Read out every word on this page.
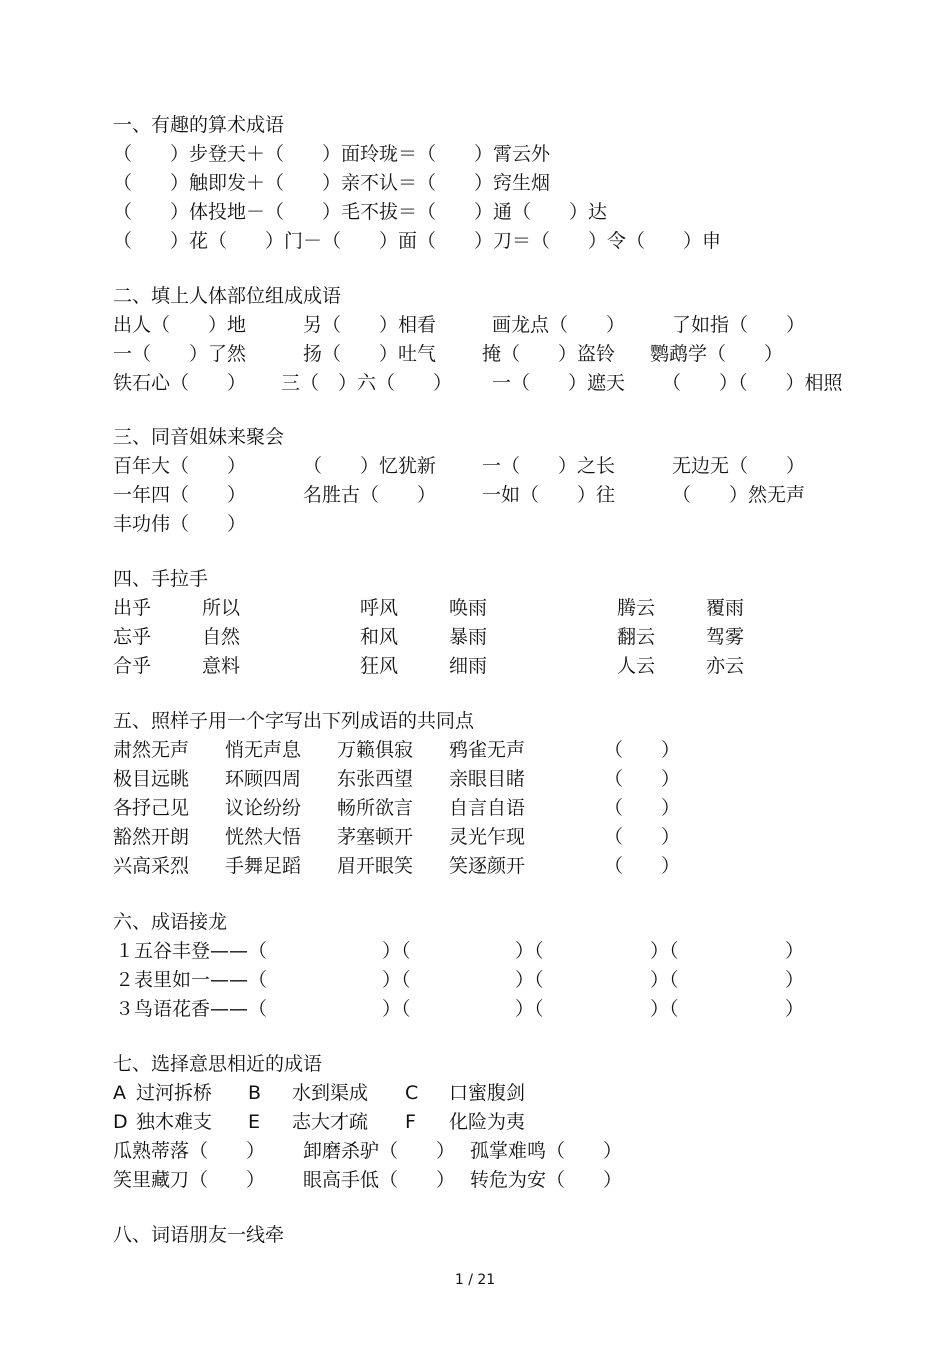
一、有趣的算术成语
（　　）步登天＋（　　）面玲珑＝（　　）霄云外
（　　）触即发＋（　　）亲不认＝（　　）窍生烟
（　　）体投地－（　　）毛不拔＝（　　）通（　　）达
（　　）花（　　）门－（　　）面（　　）刀＝（　　）令（　　）申
二、填上人体部位组成成语
出人（　　）地	另（　　）相看	画龙点（　　） 了如指（　　）
一（　　）了然	扬（　　）吐气 掩（　　）盗铃 鹦鹉学（　　）
铁石心（　　） 三（　）六（　　） 一（　　）遮天 （　　）（　　）相照
三、同音姐妹来聚会
百年大（　　）	（　　）忆犹新 一（　　）之长	无边无（　　）
一年四（　　）	名胜古（　　） 一如（　　）往	（　　）然无声
丰功伟（　　）
四、手拉手
出乎	所以	呼风	唤雨	腾云	覆雨
忘乎	自然	和风	暴雨	翻云	驾雾
合乎	意料	狂风	细雨	人云	亦云
五、照样子用一个字写出下列成语的共同点
肃然无声 悄无声息 万籁俱寂 鸦雀无声	（　　）
极目远眺 环顾四周 东张西望 亲眼目睹	（　　）
各抒己见 议论纷纷 畅所欲言 自言自语	（　　）
豁然开朗 恍然大悟 茅塞顿开 灵光乍现	（　　）
兴高采烈 手舞足蹈 眉开眼笑 笑逐颜开	（　　）
六、成语接龙
１五谷丰登——（	）（	）（	）（	）
２表里如一——（	）（	）（	）（	）
３鸟语花香——（	）（	）（	）（	）
七、选择意思相近的成语
A 过河拆桥 B 水到渠成 C 口蜜腹剑
D 独木难支 E 志大才疏 F 化险为夷
瓜熟蒂落（　　） 卸磨杀驴（　　） 孤掌难鸣（　　）
笑里藏刀（　　） 眼高手低（　　） 转危为安（　　）
八、词语朋友一线牵
1 / 21
